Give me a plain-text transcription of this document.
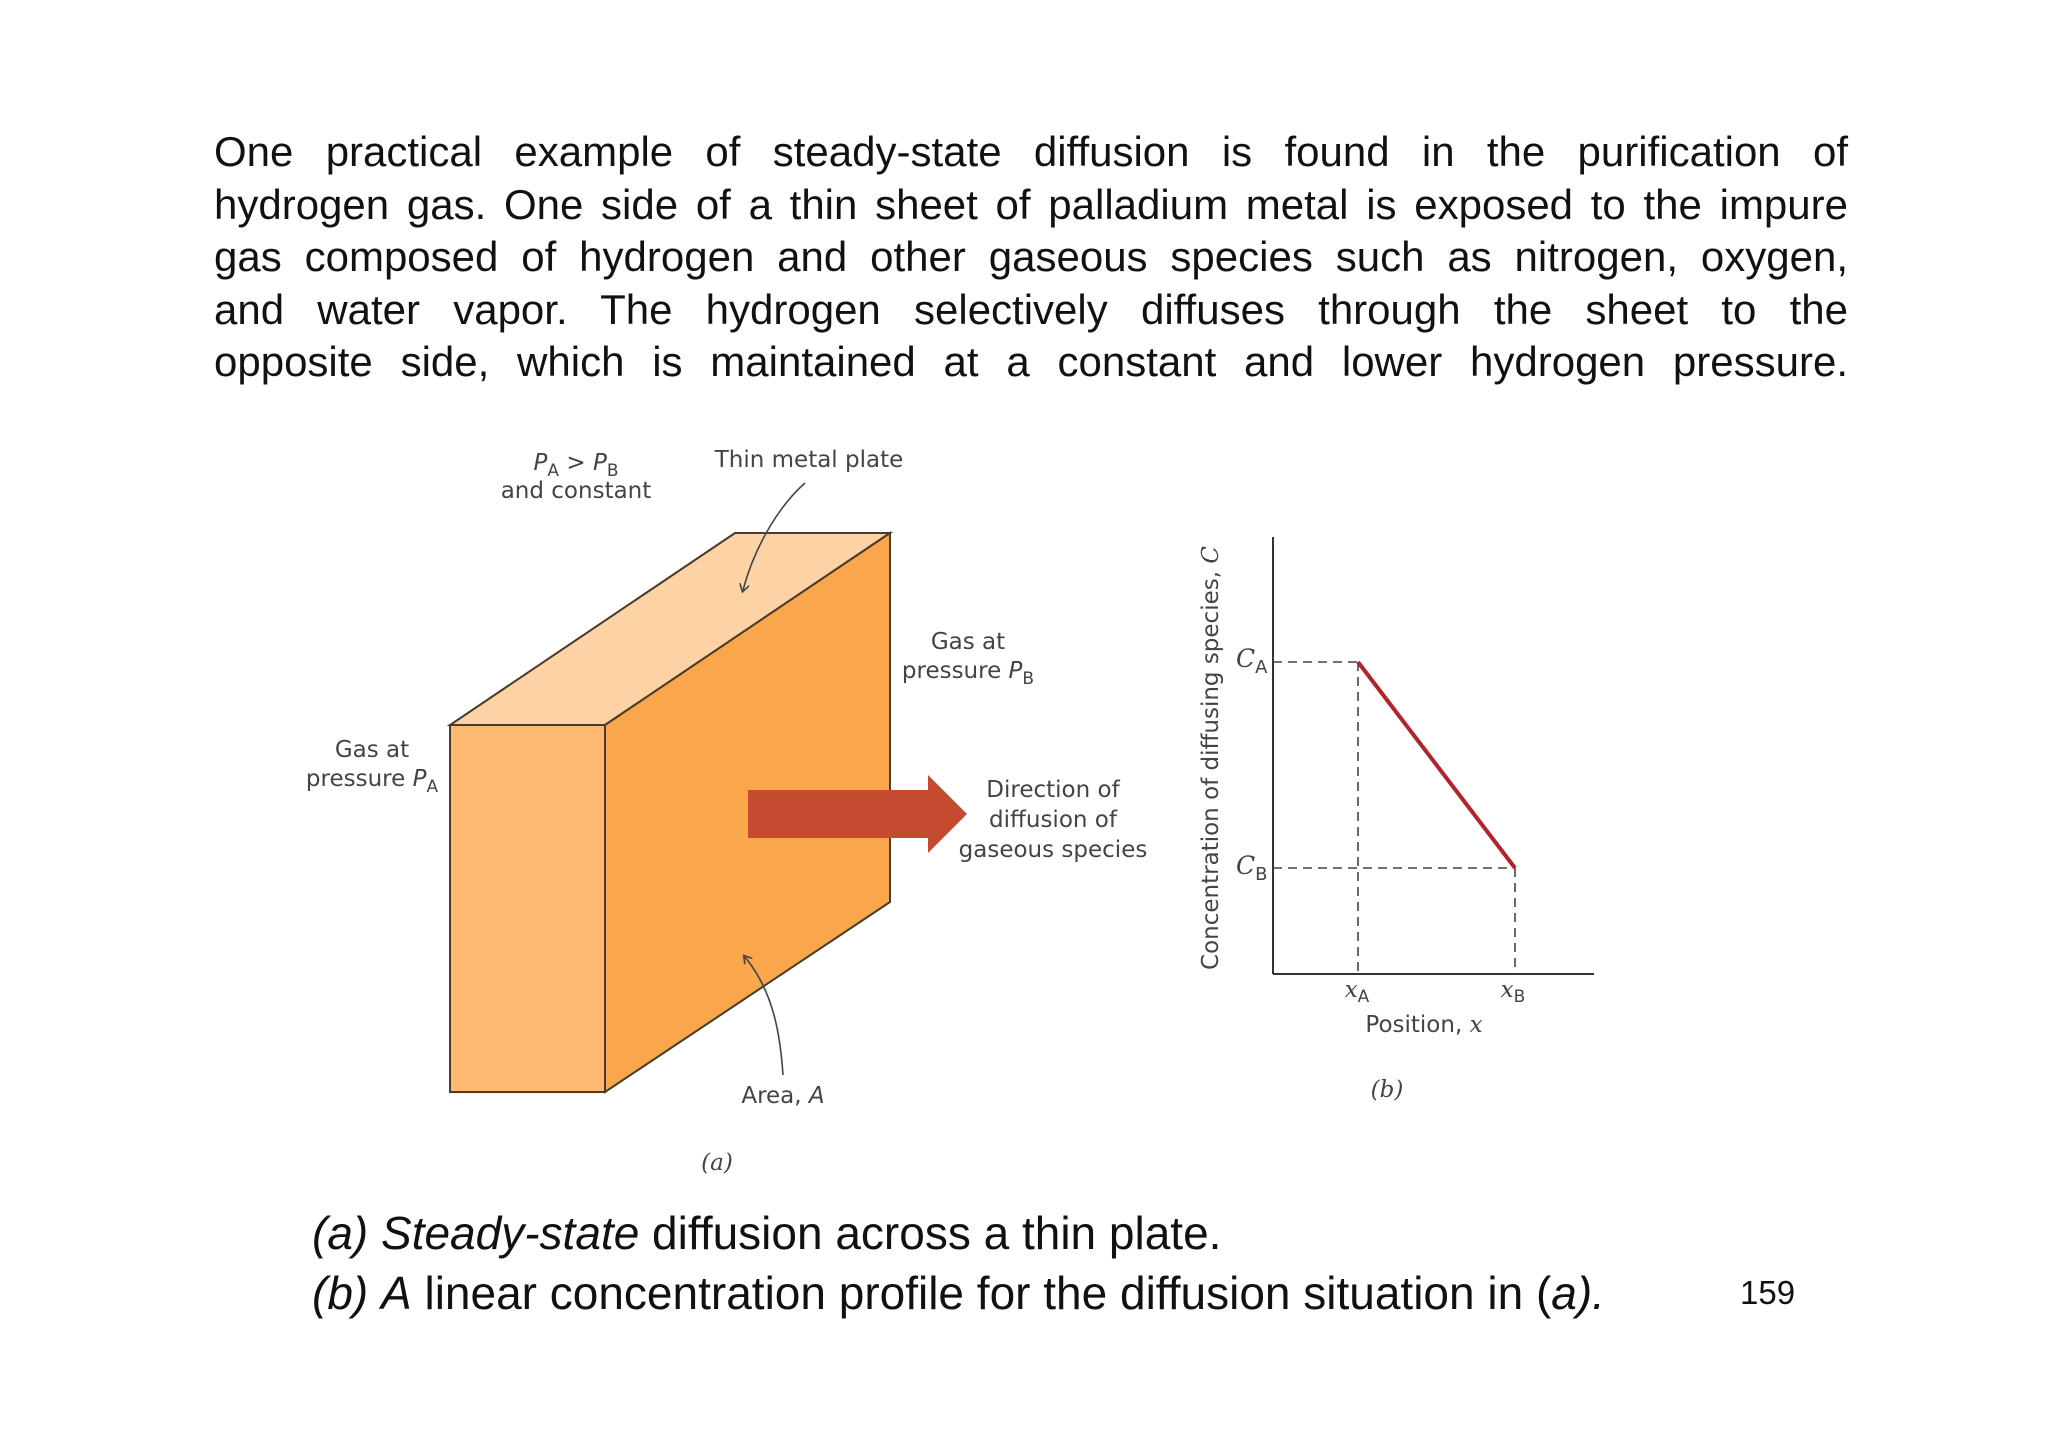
One practical example of steady-state diffusion is found in the purification of
hydrogen gas. One side of a thin sheet of palladium metal is exposed to the impure
gas composed of hydrogen and other gaseous species such as nitrogen, oxygen,
and water vapor. The hydrogen selectively diffuses through the sheet to the
opposite side, which is maintained at a constant and lower hydrogen pressure.
$P_A > P_B$
and constant
Thin metal plate
Gas at
pressure $P_A$
Gas at
pressure $P_B$
Direction of
diffusion of
gaseous species
Area, A
(a)
Concentration of diffusing species, C
$C_A$
$C_B$
$x_A$	$x_B$
Position, x
(b)
(a) Steady-state diffusion across a thin plate.
(b) A linear concentration profile for the diffusion situation in (a).	159
